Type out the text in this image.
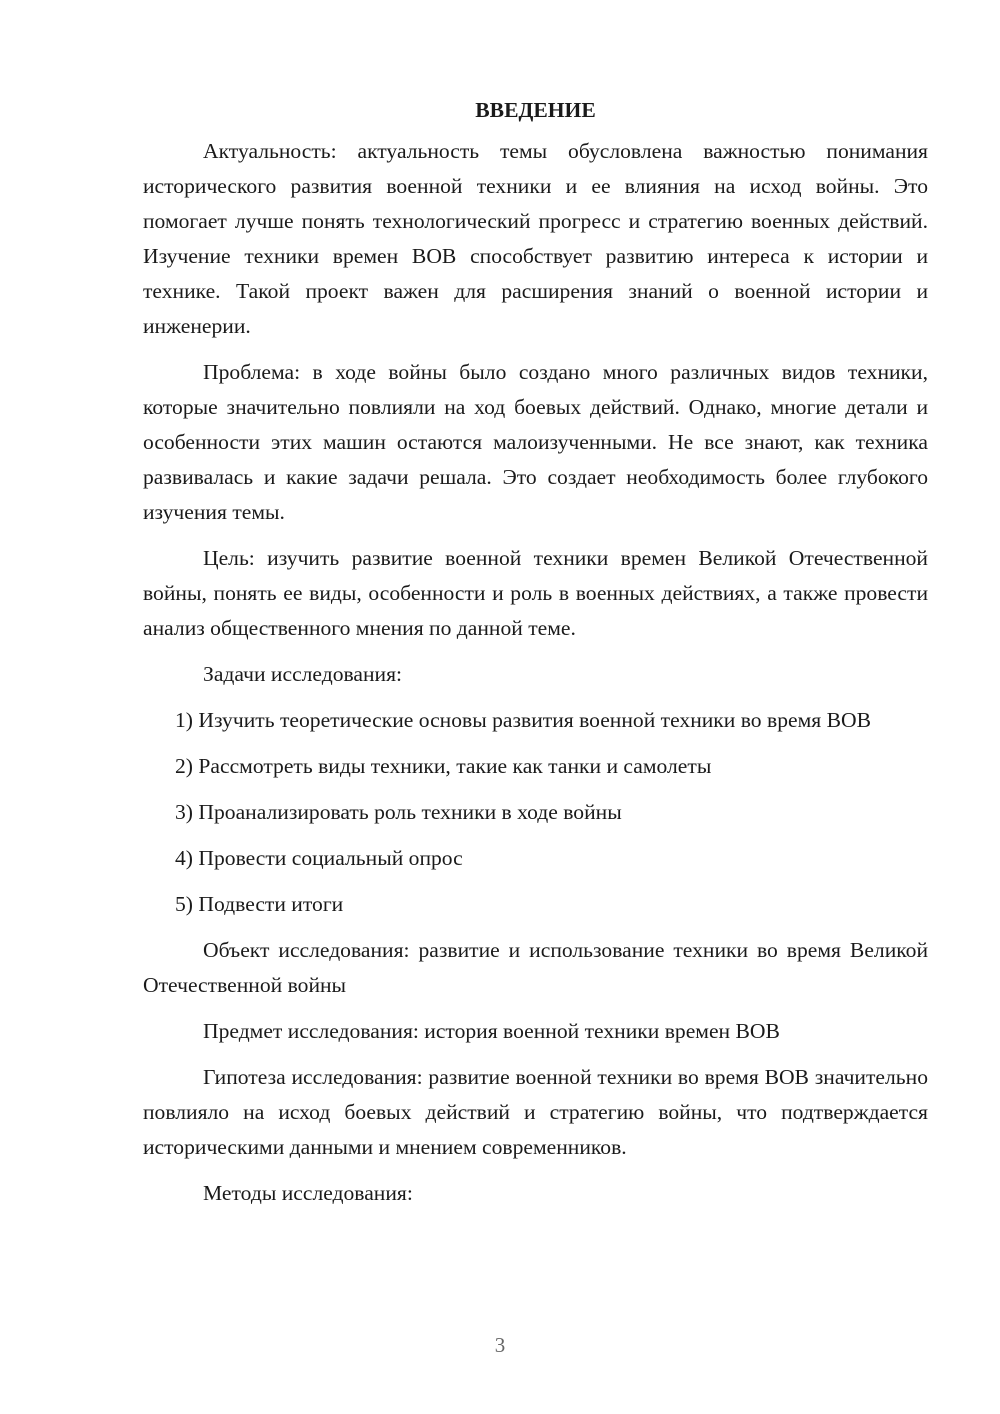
ВВЕДЕНИЕ

Актуальность: актуальность темы обусловлена важностью понимания исторического развития военной техники и ее влияния на исход войны. Это помогает лучше понять технологический прогресс и стратегию военных действий. Изучение техники времен ВОВ способствует развитию интереса к истории и технике. Такой проект важен для расширения знаний о военной истории и инженерии.

Проблема: в ходе войны было создано много различных видов техники, которые значительно повлияли на ход боевых действий. Однако, многие детали и особенности этих машин остаются малоизученными. Не все знают, как техника развивалась и какие задачи решала. Это создает необходимость более глубокого изучения темы.

Цель: изучить развитие военной техники времен Великой Отечественной войны, понять ее виды, особенности и роль в военных действиях, а также провести анализ общественного мнения по данной теме.

Задачи исследования:

1) Изучить теоретические основы развития военной техники во время ВОВ

2) Рассмотреть виды техники, такие как танки и самолеты

3) Проанализировать роль техники в ходе войны

4) Провести социальный опрос

5) Подвести итоги

Объект исследования: развитие и использование техники во время Великой Отечественной войны

Предмет исследования: история военной техники времен ВОВ

Гипотеза исследования: развитие военной техники во время ВОВ значительно повлияло на исход боевых действий и стратегию войны, что подтверждается историческими данными и мнением современников.

Методы исследования:

3
